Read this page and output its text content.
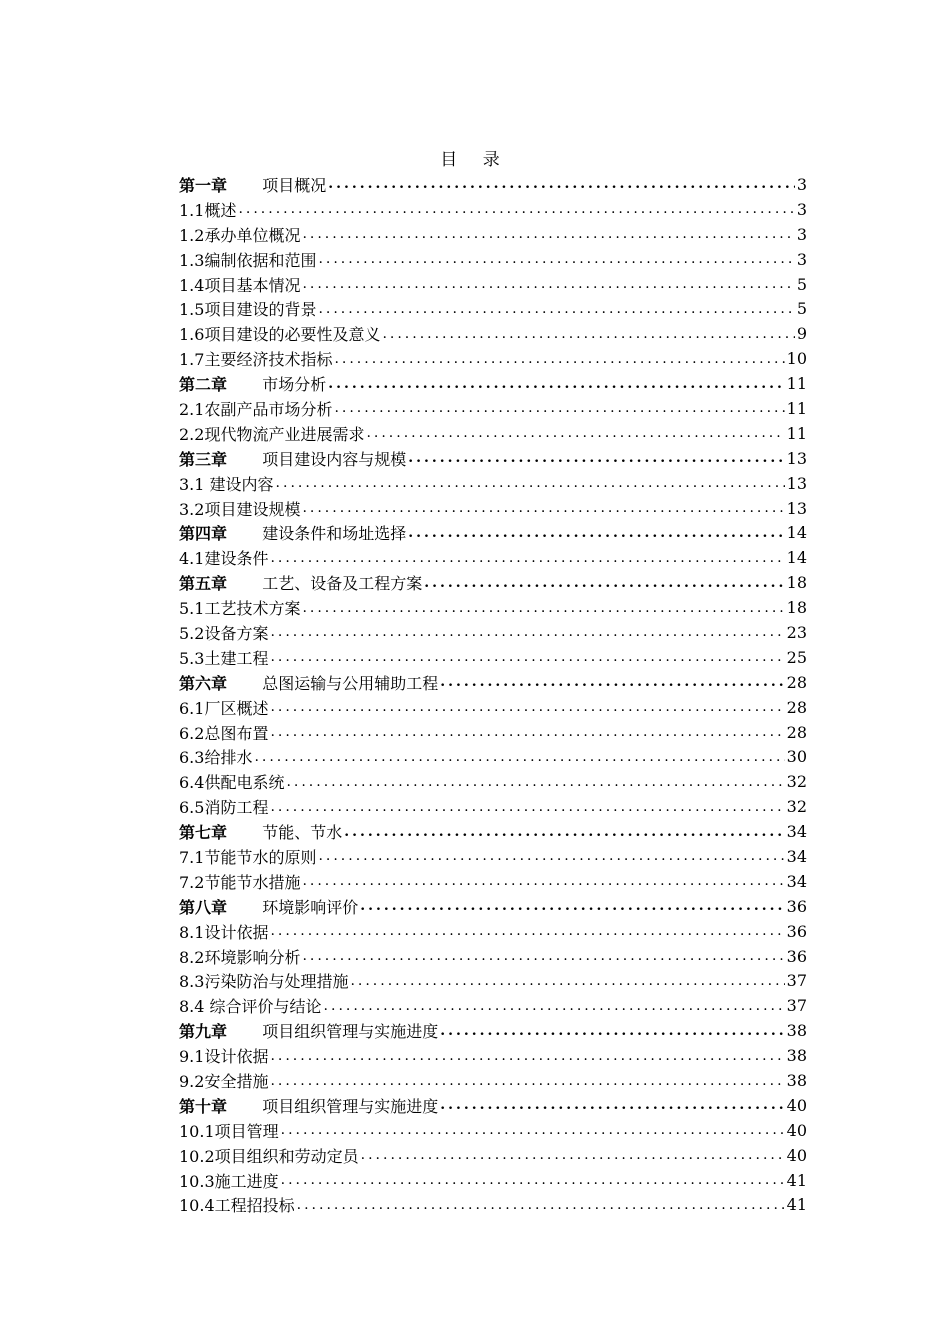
目 录
第一章 项目概况 .....	3
1.1概述 .....	3
1.2承办单位概况 .....	3
1.3编制依据和范围 .....	3
1.4项目基本情况 .....	5
1.5项目建设的背景 .....	5
1.6项目建设的必要性及意义 .....	9
1.7主要经济技术指标 .....	10
第二章 市场分析 .....	11
2.1农副产品市场分析 .....	11
2.2现代物流产业进展需求 .....	11
第三章 项目建设内容与规模 .....	13
3.1 建设内容 .....	13
3.2项目建设规模 .....	13
第四章 建设条件和场址选择 .....	14
4.1建设条件 .....	14
第五章 工艺、设备及工程方案 .....	18
5.1工艺技术方案 .....	18
5.2设备方案 .....	23
5.3土建工程 .....	25
第六章 总图运输与公用辅助工程 .....	28
6.1厂区概述 .....	28
6.2总图布置 .....	28
6.3给排水 .....	30
6.4供配电系统 .....	32
6.5消防工程 .....	32
第七章 节能、节水 .....	34
7.1节能节水的原则 .....	34
7.2节能节水措施 .....	34
第八章 环境影响评价 .....	36
8.1设计依据 .....	36
8.2环境影响分析 .....	36
8.3污染防治与处理措施 .....	37
8.4 综合评价与结论 .....	37
第九章 项目组织管理与实施进度 .....	38
9.1设计依据 .....	38
9.2安全措施 .....	38
第十章 项目组织管理与实施进度 .....	40
10.1项目管理 .....	40
10.2项目组织和劳动定员 .....	40
10.3施工进度 .....	41
10.4工程招投标 .....	41
